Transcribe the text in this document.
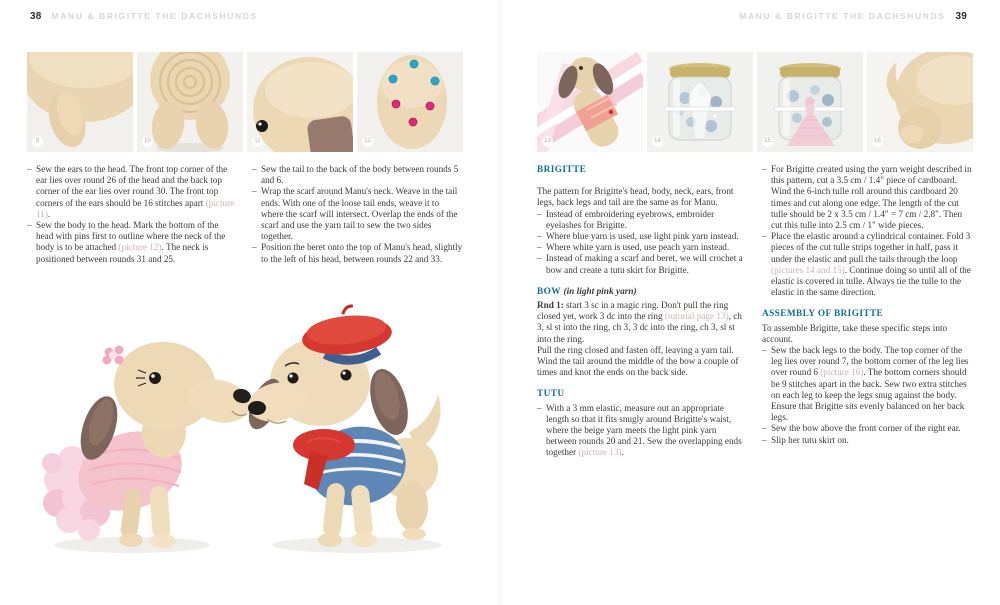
38 MANU & BRIGITTE THE DACHSHUNDS
9	10	11	12
– Sew the ears to the head. The front top corner of the ear lies over round 26 of the head and the back top corner of the ear lies over round 30. The front top corners of the ears should be 16 stitches apart (picture 11).
– Sew the body to the head. Mark the bottom of the head with pins first to outline where the neck of the body is to be attached (picture 12). The neck is positioned between rounds 31 and 25.
– Sew the tail to the back of the body between rounds 5 and 6.
– Wrap the scarf around Manu's neck. Weave in the tail ends. With one of the loose tail ends, weave it to where the scarf will intersect. Overlap the ends of the scarf and use the yarn tail to sew the two sides together.
– Position the beret onto the top of Manu's head, slightly to the left of his head, between rounds 22 and 33.
MANU & BRIGITTE THE DACHSHUNDS 39
13	14	15	16
BRIGITTE

The pattern for Brigitte's head, body, neck, ears, front legs, back legs and tail are the same as for Manu.

– Instead of embroidering eyebrows, embroider eyelashes for Brigitte.
– Where blue yarn is used, use light pink yarn instead.
– Where white yarn is used, use peach yarn instead.
– Instead of making a scarf and beret, we will crochet a bow and create a tutu skirt for Brigitte.
BOW (in light pink yarn)

Rnd 1: start 3 sc in a magic ring. Don't pull the ring closed yet, work 3 dc into the ring (tutorial page 13), ch 3, sl st into the ring, ch 3, 3 dc into the ring, ch 3, sl st into the ring.

Pull the ring closed and fasten off, leaving a yarn tail. Wind the tail around the middle of the bow a couple of times and knot the ends on the back side.

TUTU
– With a 3 mm elastic, measure out an appropriate length so that it fits snugly around Brigitte's waist, where the beige yarn meets the light pink yarn between rounds 20 and 21. Sew the overlapping ends together (picture 13).
– For Brigitte created using the yarn weight described in this pattern, cut a 3.5 cm / 1.4" piece of cardboard. Wind the 6-inch tulle roll around this cardboard 20 times and cut along one edge. The length of the cut tulle should be 2 x 3.5 cm / 1.4" = 7 cm / 2.8". Then cut this tulle into 2.5 cm / 1" wide pieces.
– Place the elastic around a cylindrical container. Fold 3 pieces of the cut tulle strips together in half, pass it under the elastic and pull the tails through the loop (pictures 14 and 15). Continue doing so until all of the elastic is covered in tulle. Always tie the tulle to the elastic in the same direction.
ASSEMBLY OF BRIGITTE

To assemble Brigitte, take these specific steps into account.

– Sew the back legs to the body. The top corner of the leg lies over round 7, the bottom corner of the leg lies over round 6 (picture 16). The bottom corners should be 9 stitches apart in the back. Sew two extra stitches on each leg to keep the legs snug against the body. Ensure that Brigitte sits evenly balanced on her back legs.
– Sew the bow above the front corner of the right ear.
– Slip her tutu skirt on.
